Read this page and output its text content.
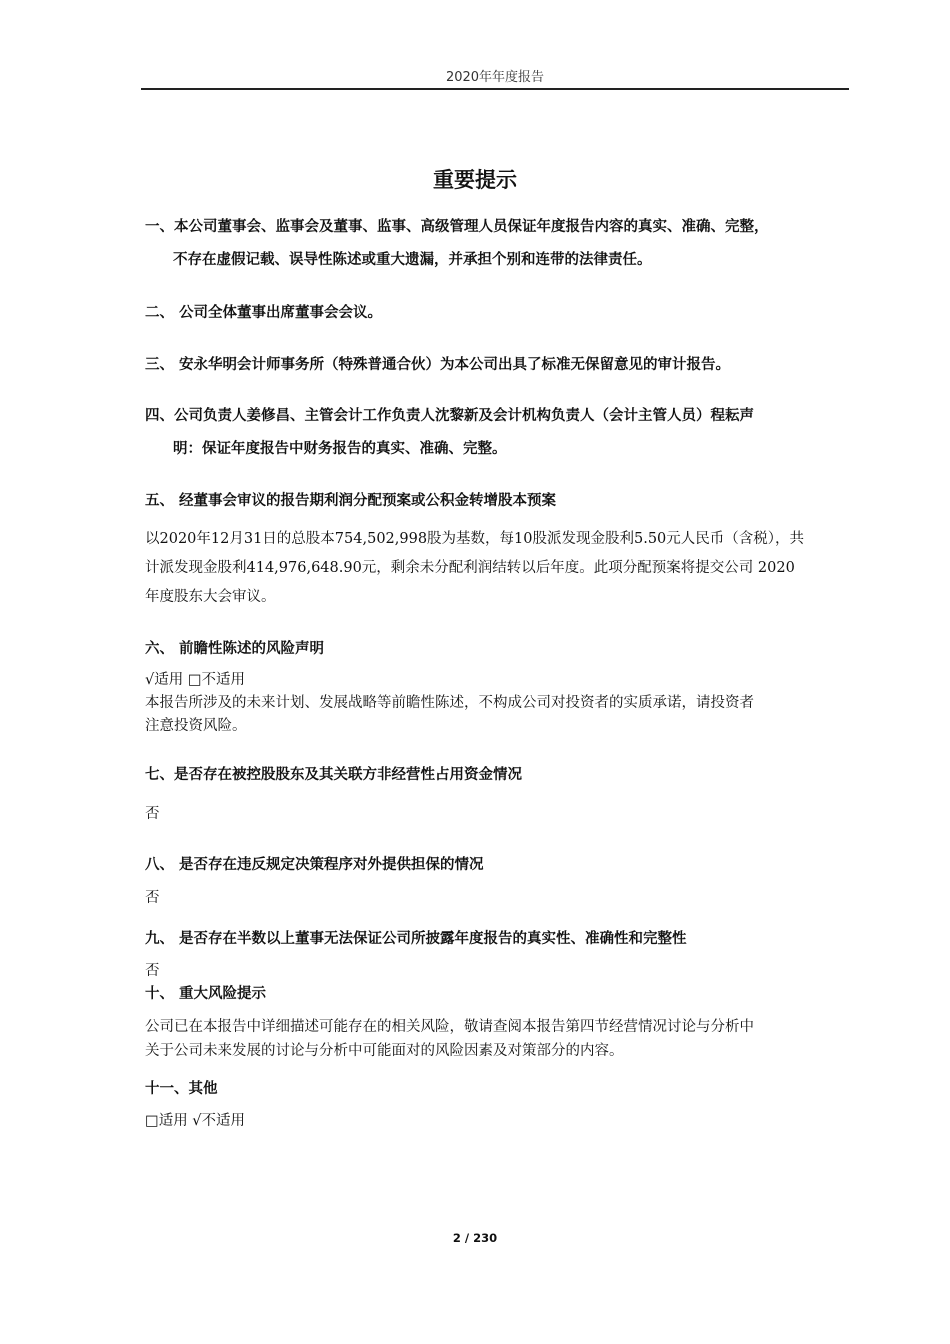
2020年年度报告
重要提示
一、本公司董事会、监事会及董事、监事、高级管理人员保证年度报告内容的真实、准确、完整，
不存在虚假记载、误导性陈述或重大遗漏，并承担个别和连带的法律责任。
二、 公司全体董事出席董事会会议。
三、 安永华明会计师事务所（特殊普通合伙）为本公司出具了标准无保留意见的审计报告。
四、公司负责人姜修昌、主管会计工作负责人沈黎新及会计机构负责人（会计主管人员）程耘声
明：保证年度报告中财务报告的真实、准确、完整。
五、 经董事会审议的报告期利润分配预案或公积金转增股本预案
以2020年12月31日的总股本754,502,998股为基数，每10股派发现金股利5.50元人民币（含税），共
计派发现金股利414,976,648.90元，剩余未分配利润结转以后年度。此项分配预案将提交公司 2020
年度股东大会审议。
六、 前瞻性陈述的风险声明
√适用 □不适用
本报告所涉及的未来计划、发展战略等前瞻性陈述，不构成公司对投资者的实质承诺，请投资者
注意投资风险。
七、是否存在被控股股东及其关联方非经营性占用资金情况
否
八、 是否存在违反规定决策程序对外提供担保的情况
否
九、 是否存在半数以上董事无法保证公司所披露年度报告的真实性、准确性和完整性
否
十、 重大风险提示
公司已在本报告中详细描述可能存在的相关风险，敬请查阅本报告第四节经营情况讨论与分析中
关于公司未来发展的讨论与分析中可能面对的风险因素及对策部分的内容。
十一、其他
□适用 √不适用
2 / 230
